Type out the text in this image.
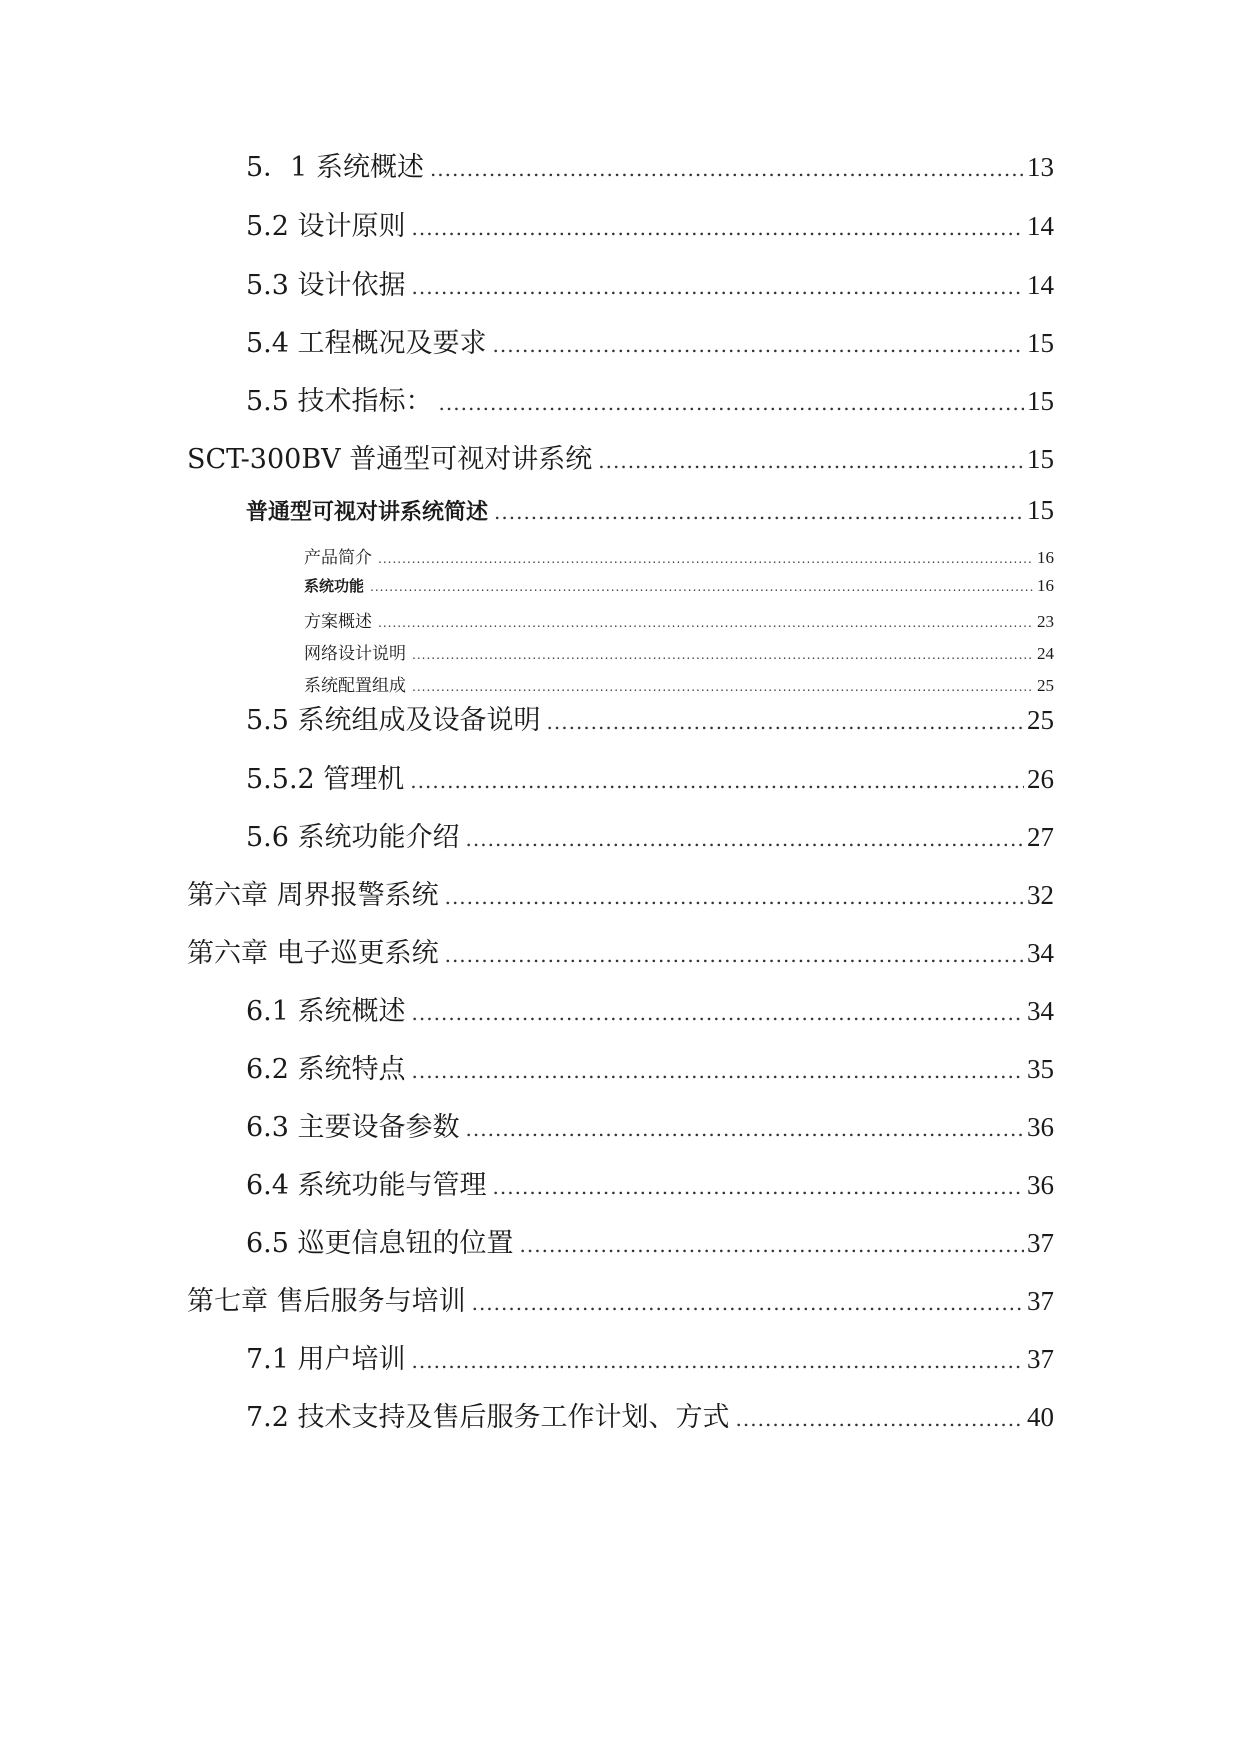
5．1 系统概述 .....	13
5.2 设计原则 .....	14
5.3 设计依据 .....	14
5.4 工程概况及要求 .....	15
5.5 技术指标： .....	15
SCT-300BV 普通型可视对讲系统 .....	15
普通型可视对讲系统简述 .....	15
产品简介 .....	16
系统功能 .....	16
方案概述 .....	23
网络设计说明 .....	24
系统配置组成 .....	25
5.5 系统组成及设备说明 .....	25
5.5.2 管理机 .....	26
5.6 系统功能介绍 .....	27
第六章 周界报警系统 .....	32
第六章 电子巡更系统 .....	34
6.1 系统概述 .....	34
6.2 系统特点 .....	35
6.3 主要设备参数 .....	36
6.4 系统功能与管理 .....	36
6.5 巡更信息钮的位置 .....	37
第七章 售后服务与培训 .....	37
7.1 用户培训 .....	37
7.2 技术支持及售后服务工作计划、方式 .....	40
